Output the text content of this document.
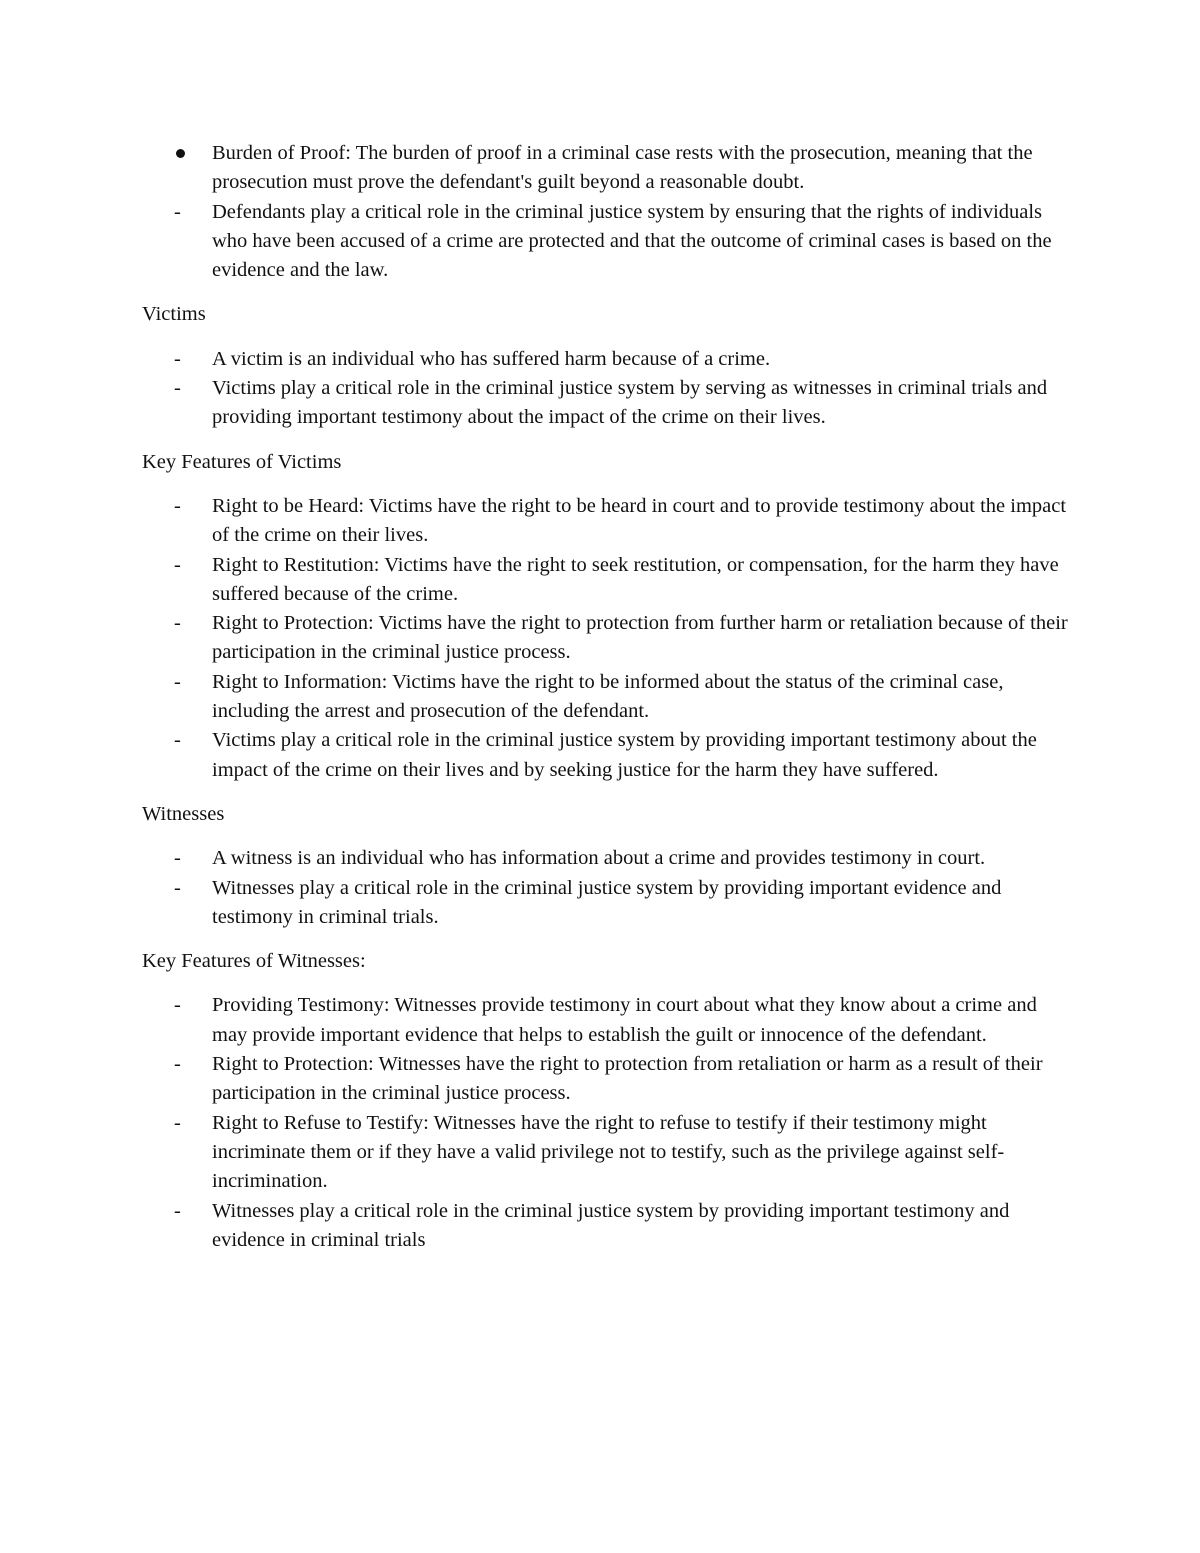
Burden of Proof: The burden of proof in a criminal case rests with the prosecution, meaning that the prosecution must prove the defendant's guilt beyond a reasonable doubt.
-	Defendants play a critical role in the criminal justice system by ensuring that the rights of individuals who have been accused of a crime are protected and that the outcome of criminal cases is based on the evidence and the law.
Victims
-	A victim is an individual who has suffered harm because of a crime.
-	Victims play a critical role in the criminal justice system by serving as witnesses in criminal trials and providing important testimony about the impact of the crime on their lives.
Key Features of Victims
-	Right to be Heard: Victims have the right to be heard in court and to provide testimony about the impact of the crime on their lives.
-	Right to Restitution: Victims have the right to seek restitution, or compensation, for the harm they have suffered because of the crime.
-	Right to Protection: Victims have the right to protection from further harm or retaliation because of their participation in the criminal justice process.
-	Right to Information: Victims have the right to be informed about the status of the criminal case, including the arrest and prosecution of the defendant.
-	Victims play a critical role in the criminal justice system by providing important testimony about the impact of the crime on their lives and by seeking justice for the harm they have suffered.
Witnesses
-	A witness is an individual who has information about a crime and provides testimony in court.
-	Witnesses play a critical role in the criminal justice system by providing important evidence and testimony in criminal trials.
Key Features of Witnesses:
-	Providing Testimony: Witnesses provide testimony in court about what they know about a crime and may provide important evidence that helps to establish the guilt or innocence of the defendant.
-	Right to Protection: Witnesses have the right to protection from retaliation or harm as a result of their participation in the criminal justice process.
-	Right to Refuse to Testify: Witnesses have the right to refuse to testify if their testimony might incriminate them or if they have a valid privilege not to testify, such as the privilege against self-incrimination.
-	Witnesses play a critical role in the criminal justice system by providing important testimony and evidence in criminal trials
